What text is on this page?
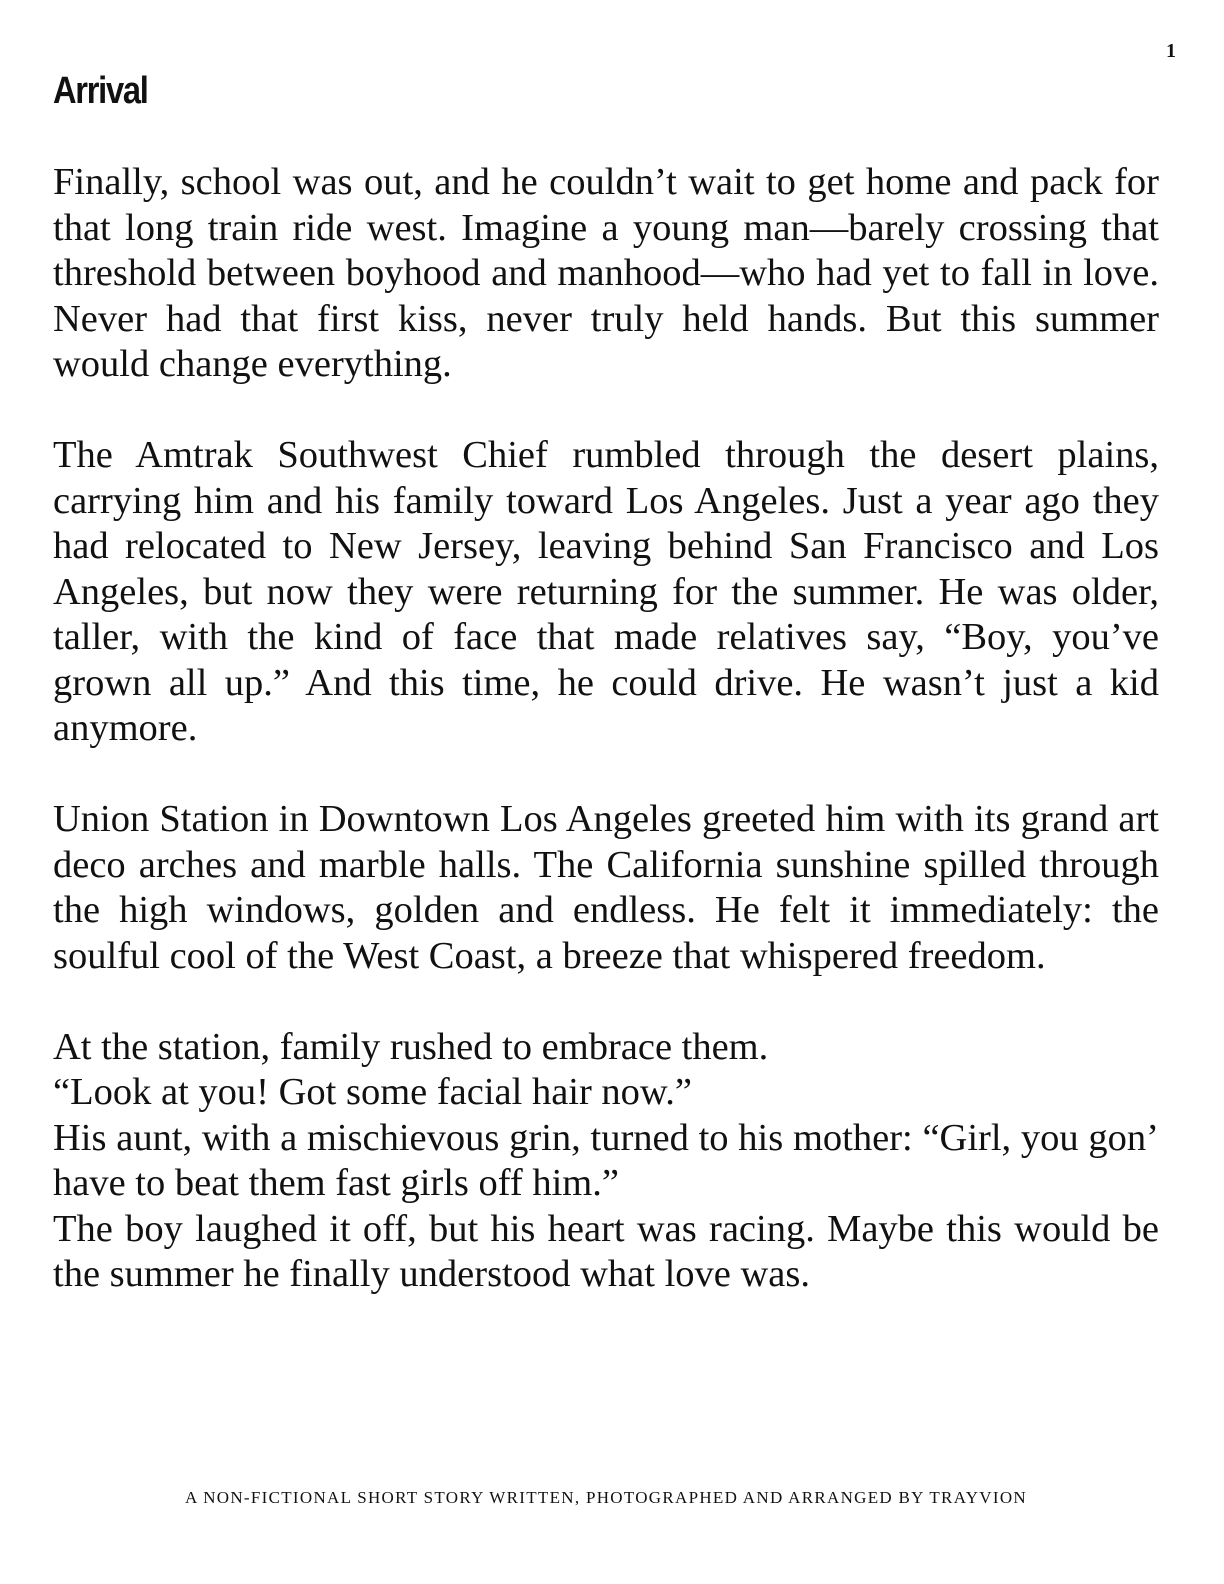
1
Arrival

Finally, school was out, and he couldn’t wait to get home and pack for that long train ride west. Imagine a young man—barely crossing that threshold between boyhood and manhood—who had yet to fall in love. Never had that first kiss, never truly held hands. But this summer would change everything.

The Amtrak Southwest Chief rumbled through the desert plains, carrying him and his family toward Los Angeles. Just a year ago they had relocated to New Jersey, leaving behind San Francisco and Los Angeles, but now they were returning for the summer. He was older, taller, with the kind of face that made relatives say, “Boy, you’ve grown all up.” And this time, he could drive. He wasn’t just a kid anymore.

Union Station in Downtown Los Angeles greeted him with its grand art deco arches and marble halls. The California sunshine spilled through the high windows, golden and endless. He felt it immediately: the soulful cool of the West Coast, a breeze that whispered freedom.

At the station, family rushed to embrace them.
“Look at you! Got some facial hair now.”
His aunt, with a mischievous grin, turned to his mother: “Girl, you gon’ have to beat them fast girls off him.”
The boy laughed it off, but his heart was racing. Maybe this would be the summer he finally understood what love was.

A NON-FICTIONAL SHORT STORY WRITTEN, PHOTOGRAPHED AND ARRANGED BY TRAYVION
